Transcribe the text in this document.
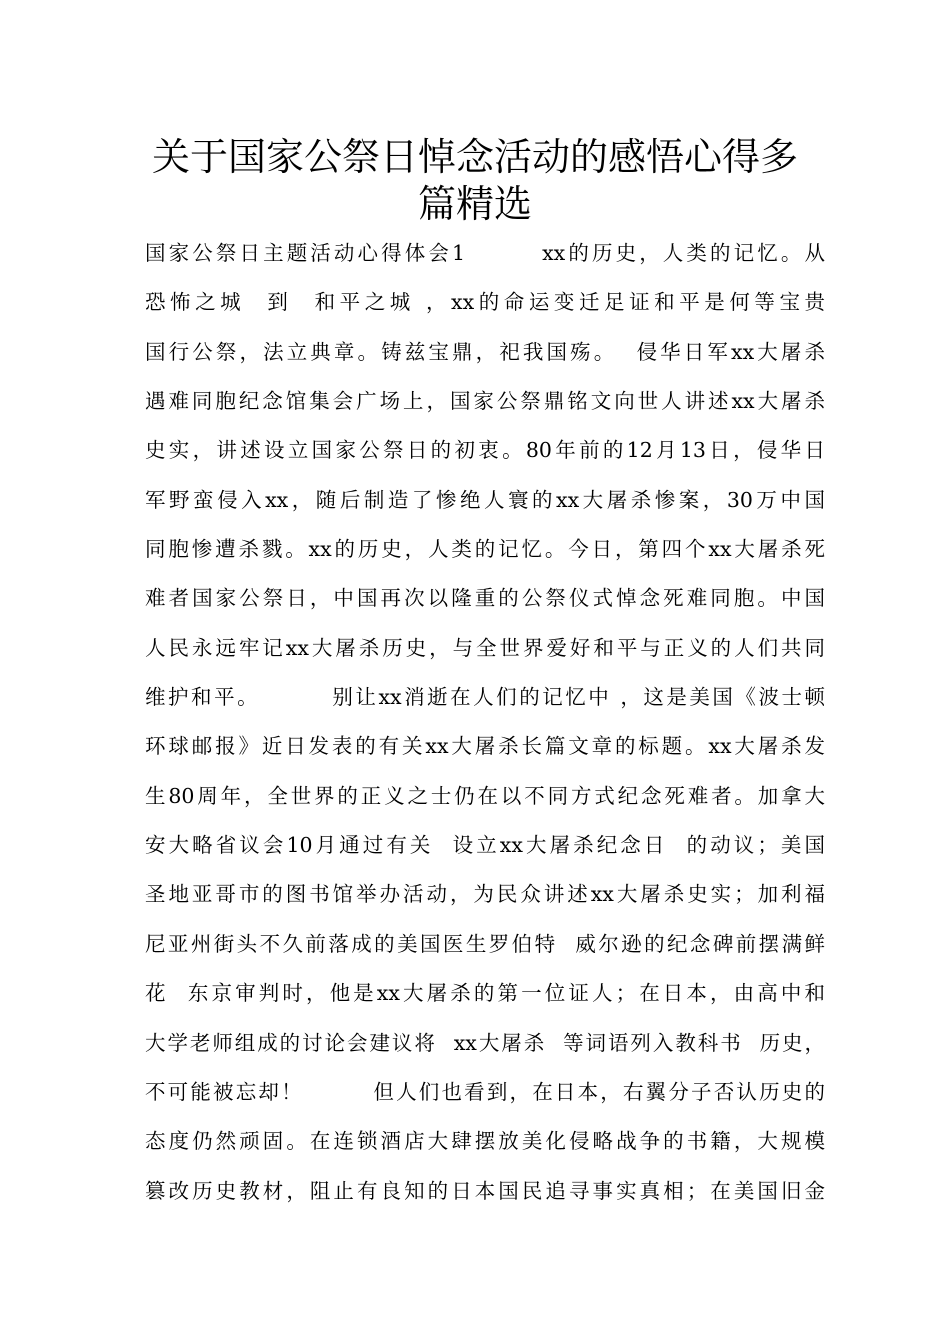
关于国家公祭日悼念活动的感悟心得多
篇精选
国家公祭日主题活动心得体会1        xx的历史，人类的记忆。从
恐怖之城  到  和平之城 ，xx的命运变迁足证和平是何等宝贵
国行公祭，法立典章。铸兹宝鼎，祀我国殇。  侵华日军xx大屠杀
遇难同胞纪念馆集会广场上，国家公祭鼎铭文向世人讲述xx大屠杀
史实，讲述设立国家公祭日的初衷。80年前的12月13日，侵华日
军野蛮侵入xx，随后制造了惨绝人寰的xx大屠杀惨案，30万中国
同胞惨遭杀戮。xx的历史，人类的记忆。今日，第四个xx大屠杀死
难者国家公祭日，中国再次以隆重的公祭仪式悼念死难同胞。中国
人民永远牢记xx大屠杀历史，与全世界爱好和平与正义的人们共同
维护和平。        别让xx消逝在人们的记忆中 ，这是美国《波士顿
环球邮报》近日发表的有关xx大屠杀长篇文章的标题。xx大屠杀发
生80周年，全世界的正义之士仍在以不同方式纪念死难者。加拿大
安大略省议会10月通过有关  设立xx大屠杀纪念日  的动议；美国
圣地亚哥市的图书馆举办活动，为民众讲述xx大屠杀史实；加利福
尼亚州街头不久前落成的美国医生罗伯特  威尔逊的纪念碑前摆满鲜
花  东京审判时，他是xx大屠杀的第一位证人；在日本，由高中和
大学老师组成的讨论会建议将  xx大屠杀  等词语列入教科书  历史，
不可能被忘却！        但人们也看到，在日本，右翼分子否认历史的
态度仍然顽固。在连锁酒店大肆摆放美化侵略战争的书籍，大规模
篡改历史教材，阻止有良知的日本国民追寻事实真相；在美国旧金
